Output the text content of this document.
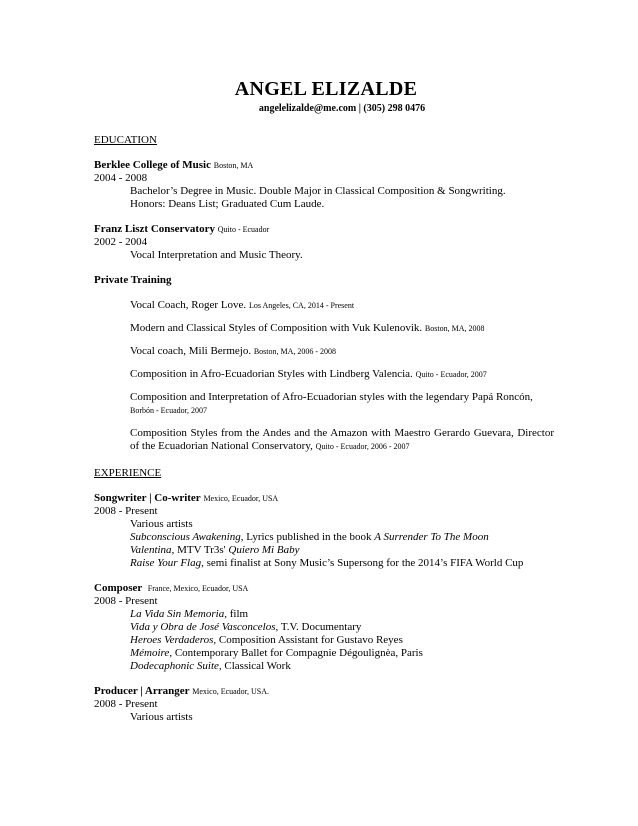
ANGEL ELIZALDE
angelelizalde@me.com | (305) 298 0476
EDUCATION
Berklee College of Music Boston, MA
2004 - 2008
Bachelor’s Degree in Music. Double Major in Classical Composition & Songwriting.
Honors: Deans List; Graduated Cum Laude.
Franz Liszt Conservatory Quito - Ecuador
2002 - 2004
Vocal Interpretation and Music Theory.
Private Training
Vocal Coach, Roger Love. Los Angeles, CA, 2014 - Present
Modern and Classical Styles of Composition with Vuk Kulenovik. Boston, MA, 2008
Vocal coach, Mili Bermejo. Boston, MA, 2006 - 2008
Composition in Afro-Ecuadorian Styles with Lindberg Valencia. Quito - Ecuador, 2007
Composition and Interpretation of Afro-Ecuadorian styles with the legendary Papá Roncón,
Borbón - Ecuador, 2007
Composition Styles from the Andes and the Amazon with Maestro Gerardo Guevara, Director of the Ecuadorian National Conservatory, Quito - Ecuador, 2006 - 2007
EXPERIENCE
Songwriter | Co-writer Mexico, Ecuador, USA
2008 - Present
Various artists
Subconscious Awakening, Lyrics published in the book A Surrender To The Moon
Valentina, MTV Tr3s' Quiero Mi Baby
Raise Your Flag, semi finalist at Sony Music’s Supersong for the 2014’s FIFA World Cup
Composer France, Mexico, Ecuador, USA
2008 - Present
La Vida Sin Memoria, film
Vida y Obra de José Vasconcelos, T.V. Documentary
Heroes Verdaderos, Composition Assistant for Gustavo Reyes
Mémoire, Contemporary Ballet for Compagnie Dégoulignèa, Paris
Dodecaphonic Suite, Classical Work
Producer | Arranger Mexico, Ecuador, USA.
2008 - Present
Various artists
